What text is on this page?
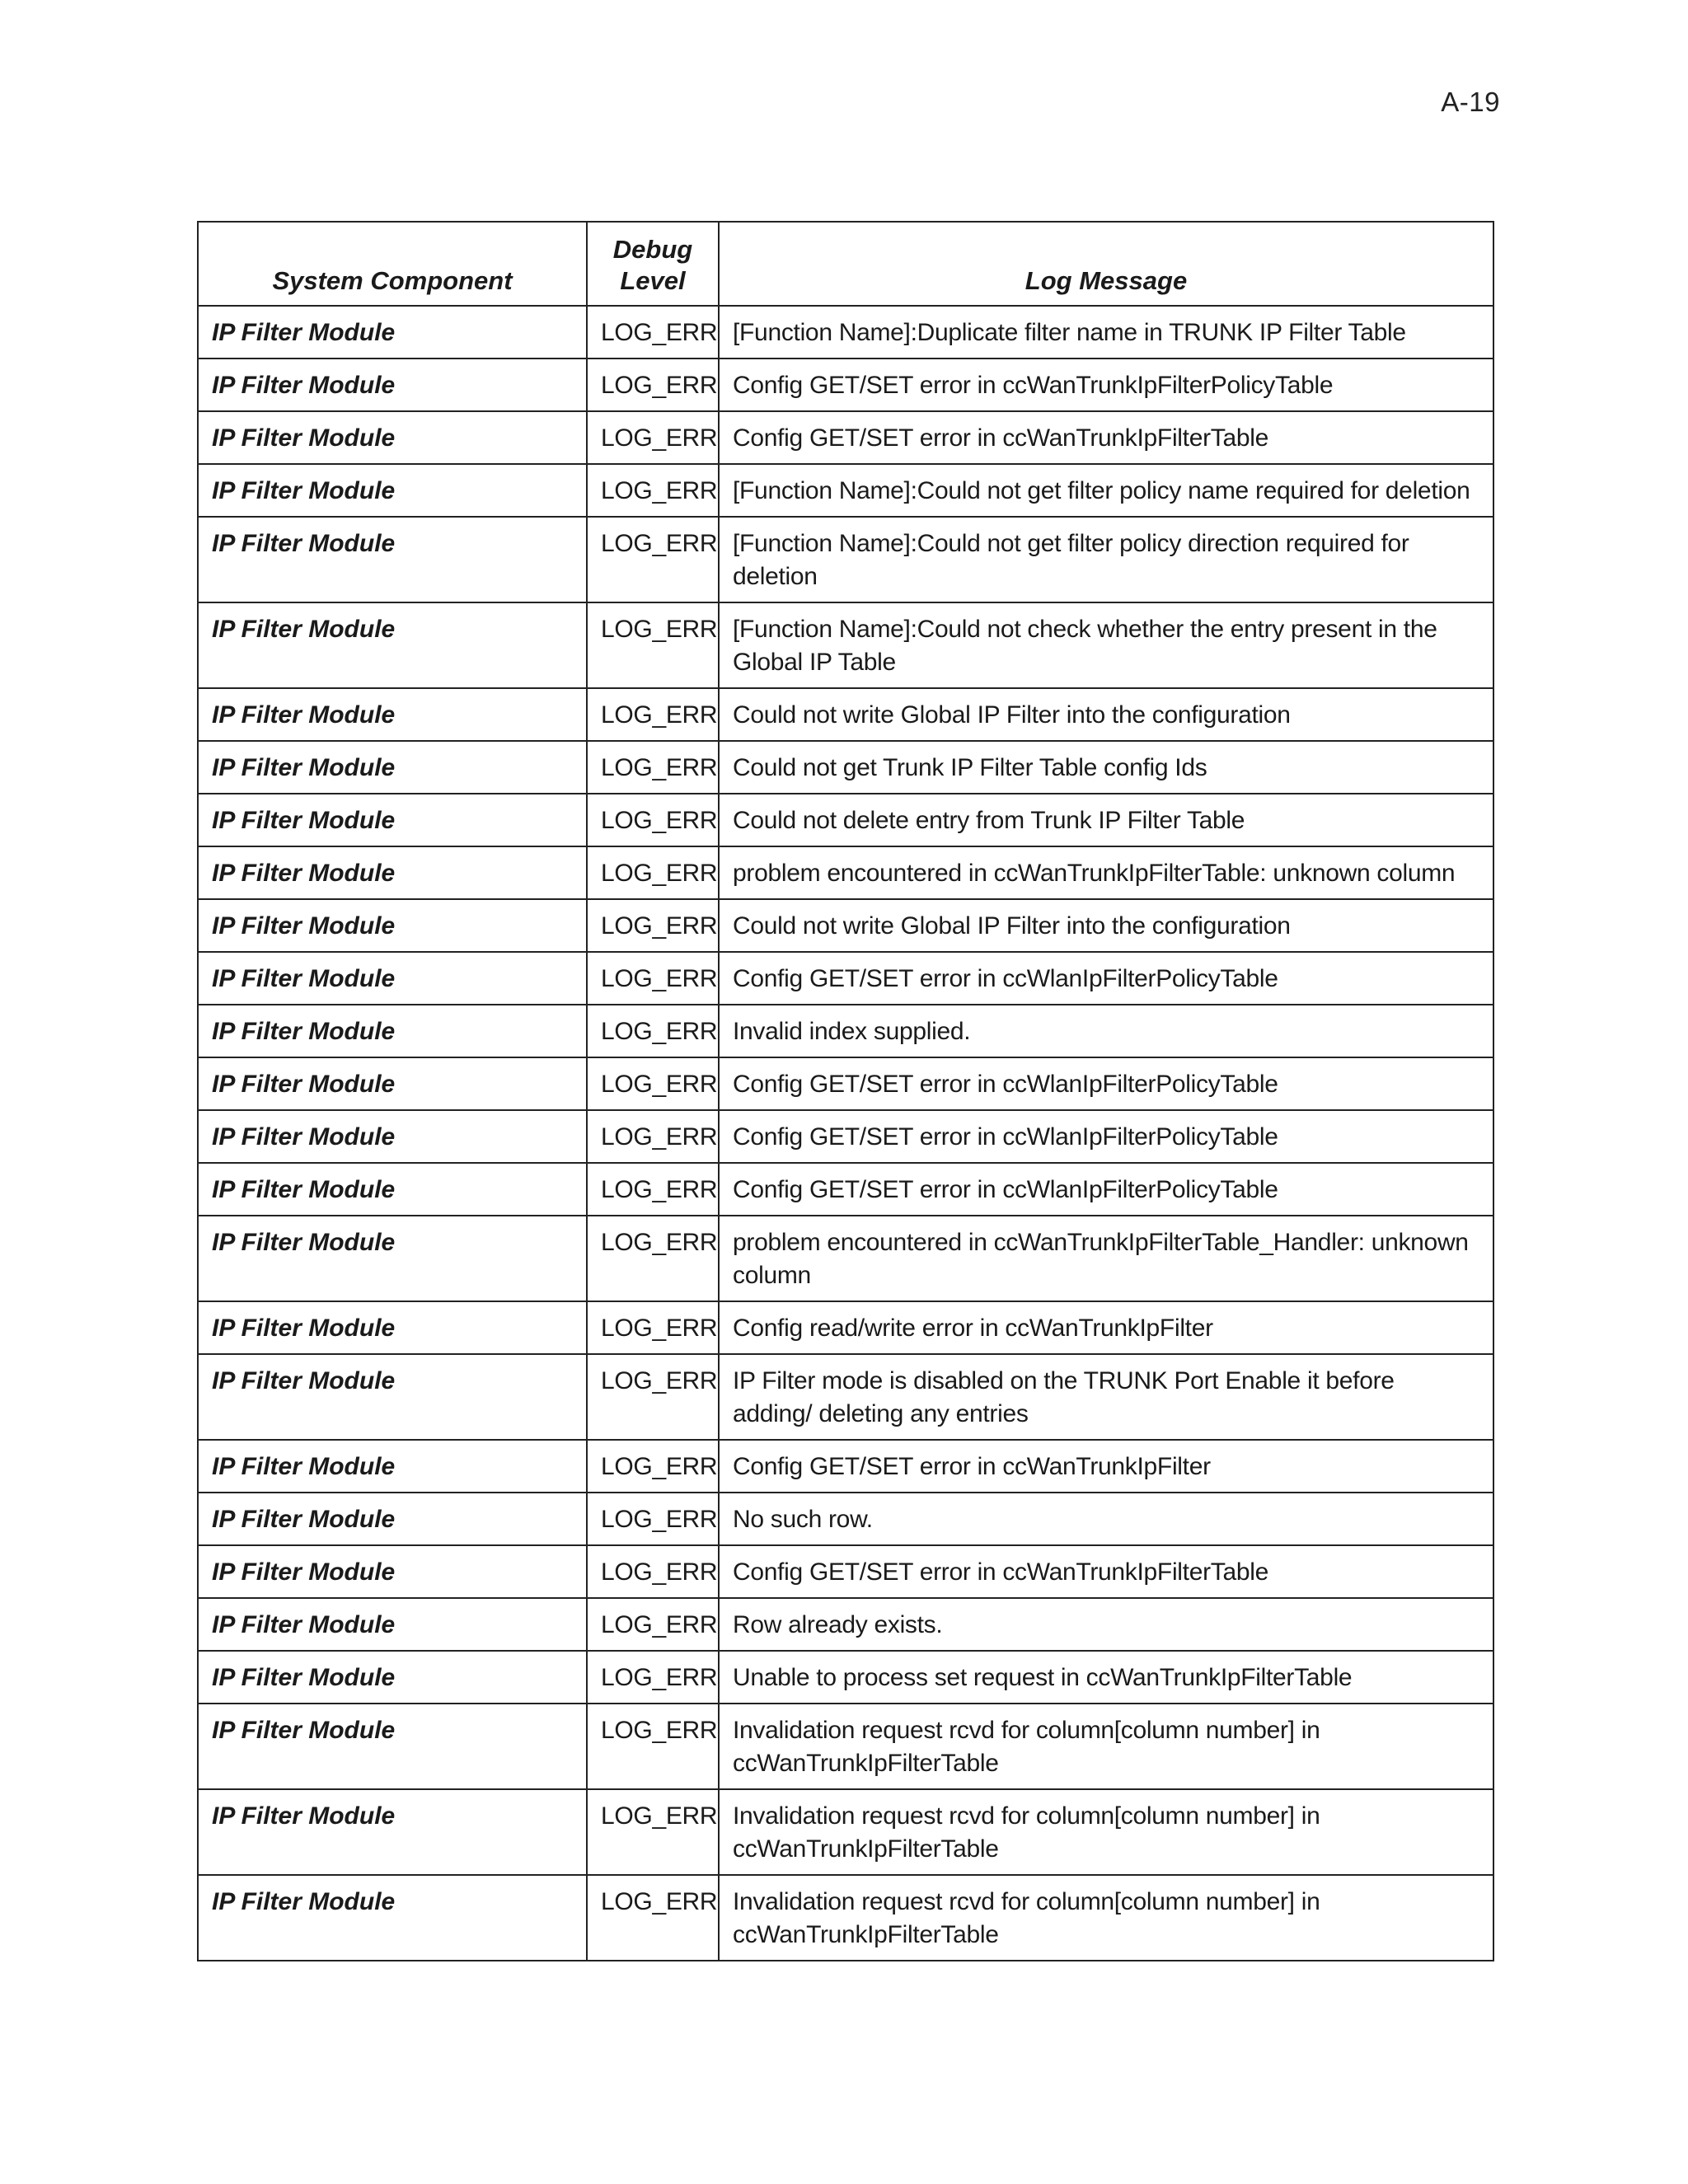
A-19
System Component	Debug Level	Log Message
IP Filter Module	LOG_ERR	[Function Name]:Duplicate filter name in TRUNK IP Filter Table
IP Filter Module	LOG_ERR	Config GET/SET error in ccWanTrunkIpFilterPolicyTable
IP Filter Module	LOG_ERR	Config GET/SET error in ccWanTrunkIpFilterTable
IP Filter Module	LOG_ERR	[Function Name]:Could not get filter policy name required for deletion
IP Filter Module	LOG_ERR	[Function Name]:Could not get filter policy direction required for deletion
IP Filter Module	LOG_ERR	[Function Name]:Could not check whether the entry present in the Global IP Table
IP Filter Module	LOG_ERR	Could not write Global IP Filter into the configuration
IP Filter Module	LOG_ERR	Could not get Trunk IP Filter Table config Ids
IP Filter Module	LOG_ERR	Could not delete entry from Trunk IP Filter Table
IP Filter Module	LOG_ERR	problem encountered in ccWanTrunkIpFilterTable: unknown column
IP Filter Module	LOG_ERR	Could not write Global IP Filter into the configuration
IP Filter Module	LOG_ERR	Config GET/SET error in ccWlanIpFilterPolicyTable
IP Filter Module	LOG_ERR	Invalid index supplied.
IP Filter Module	LOG_ERR	Config GET/SET error in ccWlanIpFilterPolicyTable
IP Filter Module	LOG_ERR	Config GET/SET error in ccWlanIpFilterPolicyTable
IP Filter Module	LOG_ERR	Config GET/SET error in ccWlanIpFilterPolicyTable
IP Filter Module	LOG_ERR	problem encountered in ccWanTrunkIpFilterTable_Handler: unknown column
IP Filter Module	LOG_ERR	Config read/write error in ccWanTrunkIpFilter
IP Filter Module	LOG_ERR	IP Filter mode is disabled on the TRUNK Port Enable it before adding/ deleting any entries
IP Filter Module	LOG_ERR	Config GET/SET error in ccWanTrunkIpFilter
IP Filter Module	LOG_ERR	No such row.
IP Filter Module	LOG_ERR	Config GET/SET error in ccWanTrunkIpFilterTable
IP Filter Module	LOG_ERR	Row already exists.
IP Filter Module	LOG_ERR	Unable to process set request in ccWanTrunkIpFilterTable
IP Filter Module	LOG_ERR	Invalidation request rcvd for column[column number] in ccWanTrunkIpFilterTable
IP Filter Module	LOG_ERR	Invalidation request rcvd for column[column number] in ccWanTrunkIpFilterTable
IP Filter Module	LOG_ERR	Invalidation request rcvd for column[column number] in ccWanTrunkIpFilterTable
